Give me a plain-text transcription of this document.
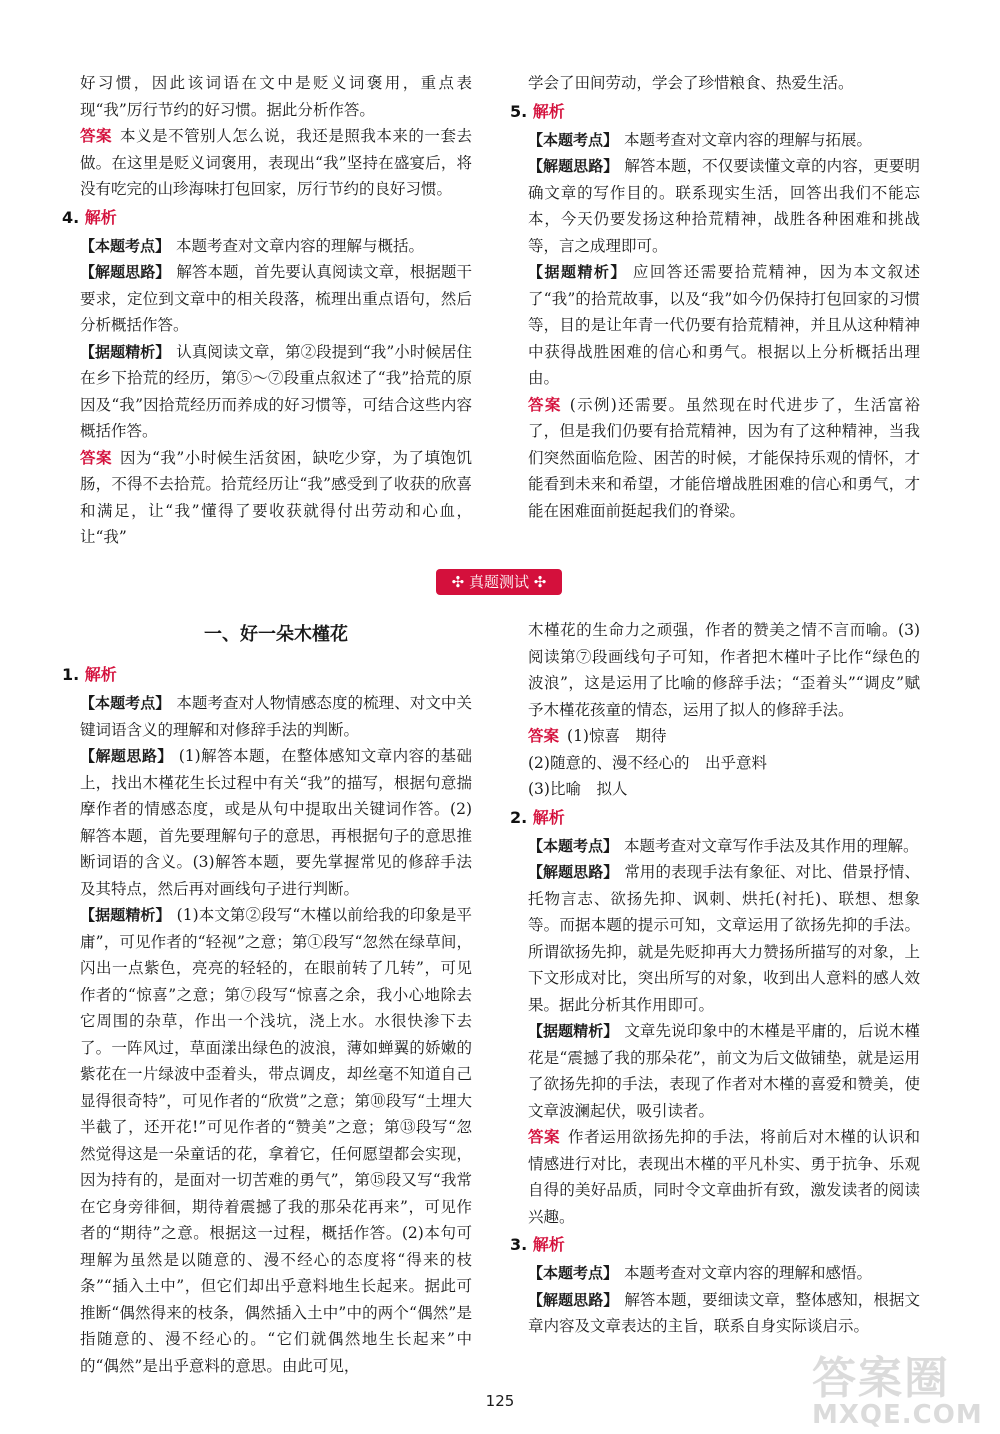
好习惯，因此该词语在文中是贬义词褒用，重点表现“我”厉行节约的好习惯。据此分析作答。

答案 本义是不管别人怎么说，我还是照我本来的一套去做。在这里是贬义词褒用，表现出“我”坚持在盛宴后，将没有吃完的山珍海味打包回家，厉行节约的良好习惯。

4. 解析

【本题考点】 本题考查对文章内容的理解与概括。

【解题思路】 解答本题，首先要认真阅读文章，根据题干要求，定位到文章中的相关段落，梳理出重点语句，然后分析概括作答。

【据题精析】 认真阅读文章，第②段提到“我”小时候居住在乡下拾荒的经历，第⑤～⑦段重点叙述了“我”拾荒的原因及“我”因拾荒经历而养成的好习惯等，可结合这些内容概括作答。

答案 因为“我”小时候生活贫困，缺吃少穿，为了填饱饥肠，不得不去拾荒。拾荒经历让“我”感受到了收获的欣喜和满足，让“我”懂得了要收获就得付出劳动和心血，让“我”

学会了田间劳动，学会了珍惜粮食、热爱生活。

5. 解析

【本题考点】 本题考查对文章内容的理解与拓展。

【解题思路】 解答本题，不仅要读懂文章的内容，更要明确文章的写作目的。联系现实生活，回答出我们不能忘本，今天仍要发扬这种拾荒精神，战胜各种困难和挑战等，言之成理即可。

【据题精析】 应回答还需要拾荒精神，因为本文叙述了“我”的拾荒故事，以及“我”如今仍保持打包回家的习惯等，目的是让年青一代仍要有拾荒精神，并且从这种精神中获得战胜困难的信心和勇气。根据以上分析概括出理由。

答案 (示例)还需要。虽然现在时代进步了，生活富裕了，但是我们仍要有拾荒精神，因为有了这种精神，当我们突然面临危险、困苦的时候，才能保持乐观的情怀，才能看到未来和希望，才能倍增战胜困难的信心和勇气，才能在困难面前挺起我们的脊梁。

✣ 真题测试 ✣
一、好一朵木槿花
1. 解析

【本题考点】 本题考查对人物情感态度的梳理、对文中关键词语含义的理解和对修辞手法的判断。

【解题思路】 (1)解答本题，在整体感知文章内容的基础上，找出木槿花生长过程中有关“我”的描写，根据句意揣摩作者的情感态度，或是从句中提取出关键词作答。(2)解答本题，首先要理解句子的意思，再根据句子的意思推断词语的含义。(3)解答本题，要先掌握常见的修辞手法及其特点，然后再对画线句子进行判断。

【据题精析】 (1)本文第②段写“木槿以前给我的印象是平庸”，可见作者的“轻视”之意；第①段写“忽然在绿草间，闪出一点紫色，亮亮的轻轻的，在眼前转了几转”，可见作者的“惊喜”之意；第⑦段写“惊喜之余，我小心地除去它周围的杂草，作出一个浅坑，浇上水。水很快渗下去了。一阵风过，草面漾出绿色的波浪，薄如蝉翼的娇嫩的紫花在一片绿波中歪着头，带点调皮，却丝毫不知道自己显得很奇特”，可见作者的“欣赏”之意；第⑩段写“土埋大半截了，还开花!”可见作者的“赞美”之意；第⑬段写“忽然觉得这是一朵童话的花，拿着它，任何愿望都会实现，因为持有的，是面对一切苦难的勇气”，第⑮段又写“我常在它身旁徘徊，期待着震撼了我的那朵花再来”，可见作者的“期待”之意。根据这一过程，概括作答。(2)本句可理解为虽然是以随意的、漫不经心的态度将“得来的枝条”“插入土中”，但它们却出乎意料地生长起来。据此可推断“偶然得来的枝条，偶然插入土中”中的两个“偶然”是指随意的、漫不经心的。“它们就偶然地生长起来”中的“偶然”是出乎意料的意思。由此可见，

木槿花的生命力之顽强，作者的赞美之情不言而喻。(3)阅读第⑦段画线句子可知，作者把木槿叶子比作“绿色的波浪”，这是运用了比喻的修辞手法；“歪着头”“调皮”赋予木槿花孩童的情态，运用了拟人的修辞手法。

答案 (1)惊喜　期待

(2)随意的、漫不经心的　出乎意料

(3)比喻　拟人

2. 解析

【本题考点】 本题考查对文章写作手法及其作用的理解。

【解题思路】 常用的表现手法有象征、对比、借景抒情、托物言志、欲扬先抑、讽刺、烘托(衬托)、联想、想象等。而据本题的提示可知，文章运用了欲扬先抑的手法。所谓欲扬先抑，就是先贬抑再大力赞扬所描写的对象，上下文形成对比，突出所写的对象，收到出人意料的感人效果。据此分析其作用即可。

【据题精析】 文章先说印象中的木槿是平庸的，后说木槿花是“震撼了我的那朵花”，前文为后文做铺垫，就是运用了欲扬先抑的手法，表现了作者对木槿的喜爱和赞美，使文章波澜起伏，吸引读者。

答案 作者运用欲扬先抑的手法，将前后对木槿的认识和情感进行对比，表现出木槿的平凡朴实、勇于抗争、乐观自得的美好品质，同时令文章曲折有致，激发读者的阅读兴趣。

3. 解析

【本题考点】 本题考查对文章内容的理解和感悟。

【解题思路】 解答本题，要细读文章，整体感知，根据文章内容及文章表达的主旨，联系自身实际谈启示。

125	答案圈
MXQE.COM
